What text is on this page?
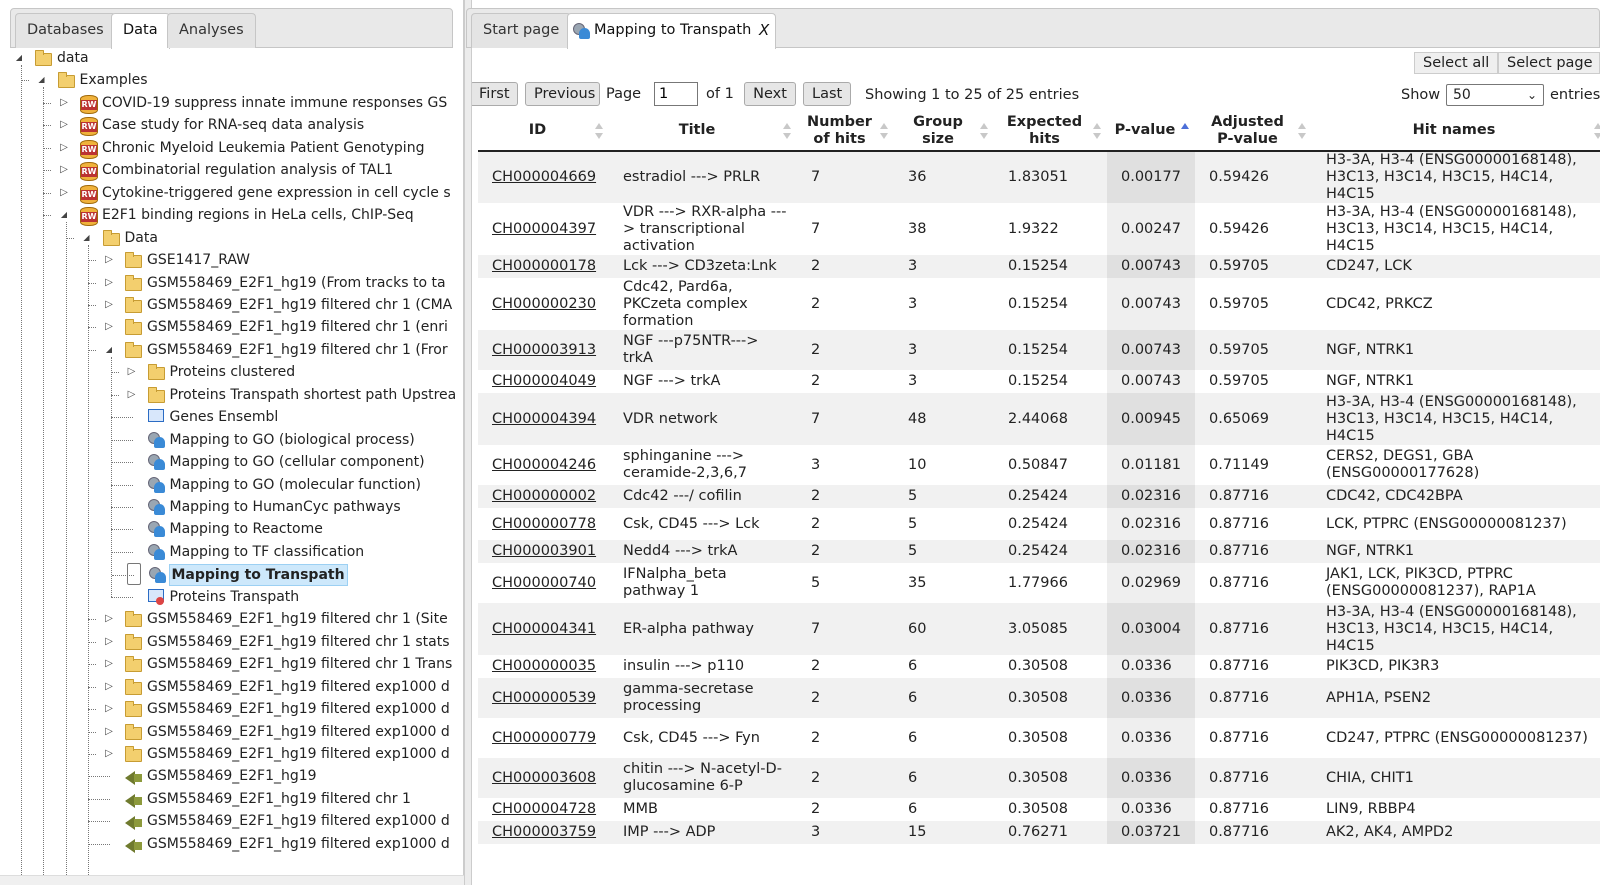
Databases	Data	Analyses
◢ data
◢ Examples
▷	RW COVID-19 suppress innate immune responses GS
▷	RW Case study for RNA-seq data analysis
▷	RW Chronic Myeloid Leukemia Patient Genotyping
▷	RW Combinatorial regulation analysis of TAL1
▷	RW Cytokine-triggered gene expression in cell cycle s
◢	RW E2F1 binding regions in HeLa cells, ChIP-Seq
◢ Data
▷ GSE1417_RAW
▷ GSM558469_E2F1_hg19 (From tracks to ta
▷ GSM558469_E2F1_hg19 filtered chr 1 (CMA
▷ GSM558469_E2F1_hg19 filtered chr 1 (enri
◢ GSM558469_E2F1_hg19 filtered chr 1 (Fror
▷ Proteins clustered
▷ Proteins Transpath shortest path Upstrea
Genes Ensembl
Mapping to GO (biological process)
Mapping to GO (cellular component)
Mapping to GO (molecular function)
Mapping to HumanCyc pathways
Mapping to Reactome
Mapping to TF classification
Mapping to Transpath
Proteins Transpath
▷ GSM558469_E2F1_hg19 filtered chr 1 (Site
▷ GSM558469_E2F1_hg19 filtered chr 1 stats
▷ GSM558469_E2F1_hg19 filtered chr 1 Trans
▷ GSM558469_E2F1_hg19 filtered exp1000 d
▷ GSM558469_E2F1_hg19 filtered exp1000 d
▷ GSM558469_E2F1_hg19 filtered exp1000 d
▷ GSM558469_E2F1_hg19 filtered exp1000 d
GSM558469_E2F1_hg19
GSM558469_E2F1_hg19 filtered chr 1
GSM558469_E2F1_hg19 filtered exp1000 d
GSM558469_E2F1_hg19 filtered exp1000 d
Start page	Mapping to Transpath X
Select all	Select page
First	Previous Page
1	of 1	Next	Last	Showing 1 to 25 of 25 entries	Show 50	⌄ entries
ID	Title	Number of hits	Group size	Expected hits	P-value	Adjusted P-value	Hit names

CH000004669	estradiol ---> PRLR	7	36	1.83051	0.00177	0.59426	H3-3A, H3-4 (ENSG00000168148), H3C13, H3C14, H3C15, H4C14, H4C15
CH000004397	VDR ---> RXR-alpha ---> transcriptional activation	7	38	1.9322	0.00247	0.59426	H3-3A, H3-4 (ENSG00000168148), H3C13, H3C14, H3C15, H4C14, H4C15
CH000000178	Lck ---> CD3zeta:Lnk	2	3	0.15254	0.00743	0.59705	CD247, LCK
CH000000230	Cdc42, Pard6a, PKCzeta complex formation	2	3	0.15254	0.00743	0.59705	CDC42, PRKCZ
CH000003913	NGF ---p75NTR---> trkA	2	3	0.15254	0.00743	0.59705	NGF, NTRK1
CH000004049	NGF ---> trkA	2	3	0.15254	0.00743	0.59705	NGF, NTRK1
CH000004394	VDR network	7	48	2.44068	0.00945	0.65069	H3-3A, H3-4 (ENSG00000168148), H3C13, H3C14, H3C15, H4C14, H4C15
CH000004246	sphinganine ---> ceramide-2,3,6,7	3	10	0.50847	0.01181	0.71149	CERS2, DEGS1, GBA (ENSG00000177628)
CH000000002	Cdc42 ---/ cofilin	2	5	0.25424	0.02316	0.87716	CDC42, CDC42BPA
CH000000778	Csk, CD45 ---> Lck	2	5	0.25424	0.02316	0.87716	LCK, PTPRC (ENSG00000081237)
CH000003901	Nedd4 ---> trkA	2	5	0.25424	0.02316	0.87716	NGF, NTRK1
CH000000740	IFNalpha_beta pathway 1	5	35	1.77966	0.02969	0.87716	JAK1, LCK, PIK3CD, PTPRC (ENSG00000081237), RAP1A
CH000004341	ER-alpha pathway	7	60	3.05085	0.03004	0.87716	H3-3A, H3-4 (ENSG00000168148), H3C13, H3C14, H3C15, H4C14, H4C15
CH000000035	insulin ---> p110	2	6	0.30508	0.0336	0.87716	PIK3CD, PIK3R3
CH000000539	gamma-secretase processing	2	6	0.30508	0.0336	0.87716	APH1A, PSEN2
CH000000779	Csk, CD45 ---> Fyn	2	6	0.30508	0.0336	0.87716	CD247, PTPRC (ENSG00000081237)
CH000003608	chitin ---> N-acetyl-D-glucosamine 6-P	2	6	0.30508	0.0336	0.87716	CHIA, CHIT1
CH000004728	MMB	2	6	0.30508	0.0336	0.87716	LIN9, RBBP4
CH000003759	IMP ---> ADP	3	15	0.76271	0.03721	0.87716	AK2, AK4, AMPD2
